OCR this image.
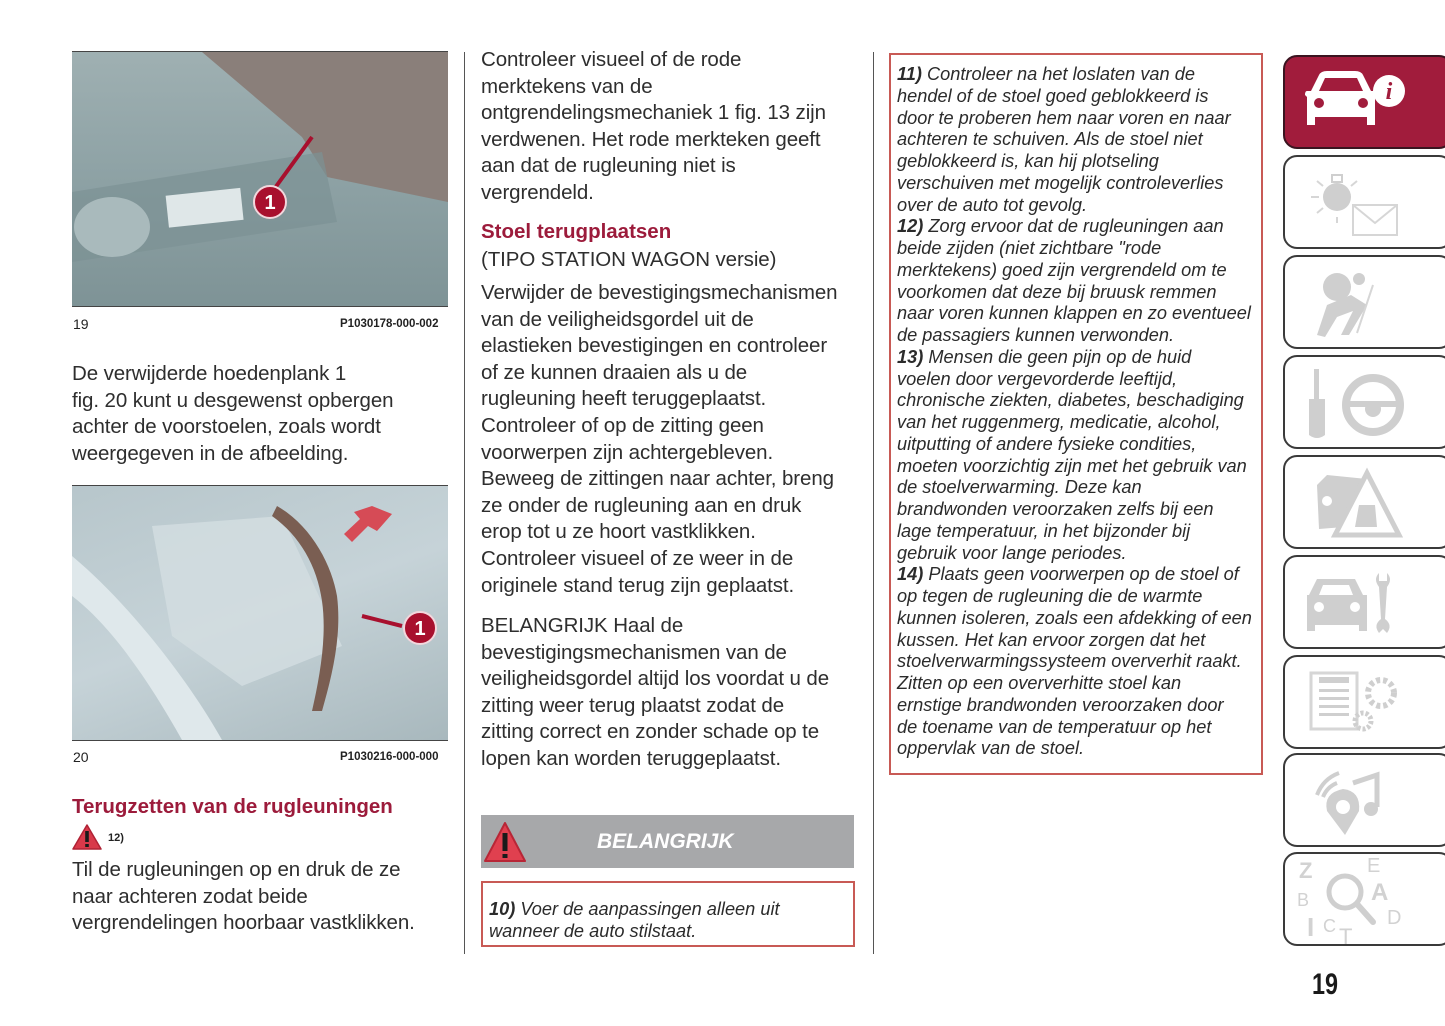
1
19	P1030178-000-002
De verwijderde hoedenplank 1
fig. 20 kunt u desgewenst opbergen
achter de voorstoelen, zoals wordt
weergegeven in de afbeelding.
1
20	P1030216-000-000
Terugzetten van de rugleuningen
12)
Til de rugleuningen op en druk de ze
naar achteren zodat beide
vergrendelingen hoorbaar vastklikken.
Controleer visueel of de rode
merktekens van de
ontgrendelingsmechaniek 1 fig. 13 zijn
verdwenen. Het rode merkteken geeft
aan dat de rugleuning niet is
vergrendeld.
Stoel terugplaatsen
(TIPO STATION WAGON versie)
Verwijder de bevestigingsmechanismen
van de veiligheidsgordel uit de
elastieken bevestigingen en controleer
of ze kunnen draaien als u de
rugleuning heeft teruggeplaatst.
Controleer of op de zitting geen
voorwerpen zijn achtergebleven.
Beweeg de zittingen naar achter, breng
ze onder de rugleuning aan en druk
erop tot u ze hoort vastklikken.
Controleer visueel of ze weer in de
originele stand terug zijn geplaatst.
BELANGRIJK Haal de
bevestigingsmechanismen van de
veiligheidsgordel altijd los voordat u de
zitting weer terug plaatst zodat de
zitting correct en zonder schade op te
lopen kan worden teruggeplaatst.
BELANGRIJK
10) Voer de aanpassingen alleen uit
wanneer de auto stilstaat.
11) Controleer na het loslaten van de
hendel of de stoel goed geblokkeerd is
door te proberen hem naar voren en naar
achteren te schuiven. Als de stoel niet
geblokkeerd is, kan hij plotseling
verschuiven met mogelijk controleverlies
over de auto tot gevolg.
12) Zorg ervoor dat de rugleuningen aan
beide zijden (niet zichtbare "rode
merktekens) goed zijn vergrendeld om te
voorkomen dat deze bij bruusk remmen
naar voren kunnen klappen en zo eventueel
de passagiers kunnen verwonden.
13) Mensen die geen pijn op de huid
voelen door vergevorderde leeftijd,
chronische ziekten, diabetes, beschadiging
van het ruggenmerg, medicatie, alcohol,
uitputting of andere fysieke condities,
moeten voorzichtig zijn met het gebruik van
de stoelverwarming. Deze kan
brandwonden veroorzaken zelfs bij een
lage temperatuur, in het bijzonder bij
gebruik voor lange periodes.
14) Plaats geen voorwerpen op de stoel of
op tegen de rugleuning die de warmte
kunnen isoleren, zoals een afdekking of een
kussen. Het kan ervoor zorgen dat het
stoelverwarmingssysteem oververhit raakt.
Zitten op een oververhitte stoel kan
ernstige brandwonden veroorzaken door
de toename van de temperatuur op het
oppervlak van de stoel.
i
Z	E
B	A
I C T
D
19
